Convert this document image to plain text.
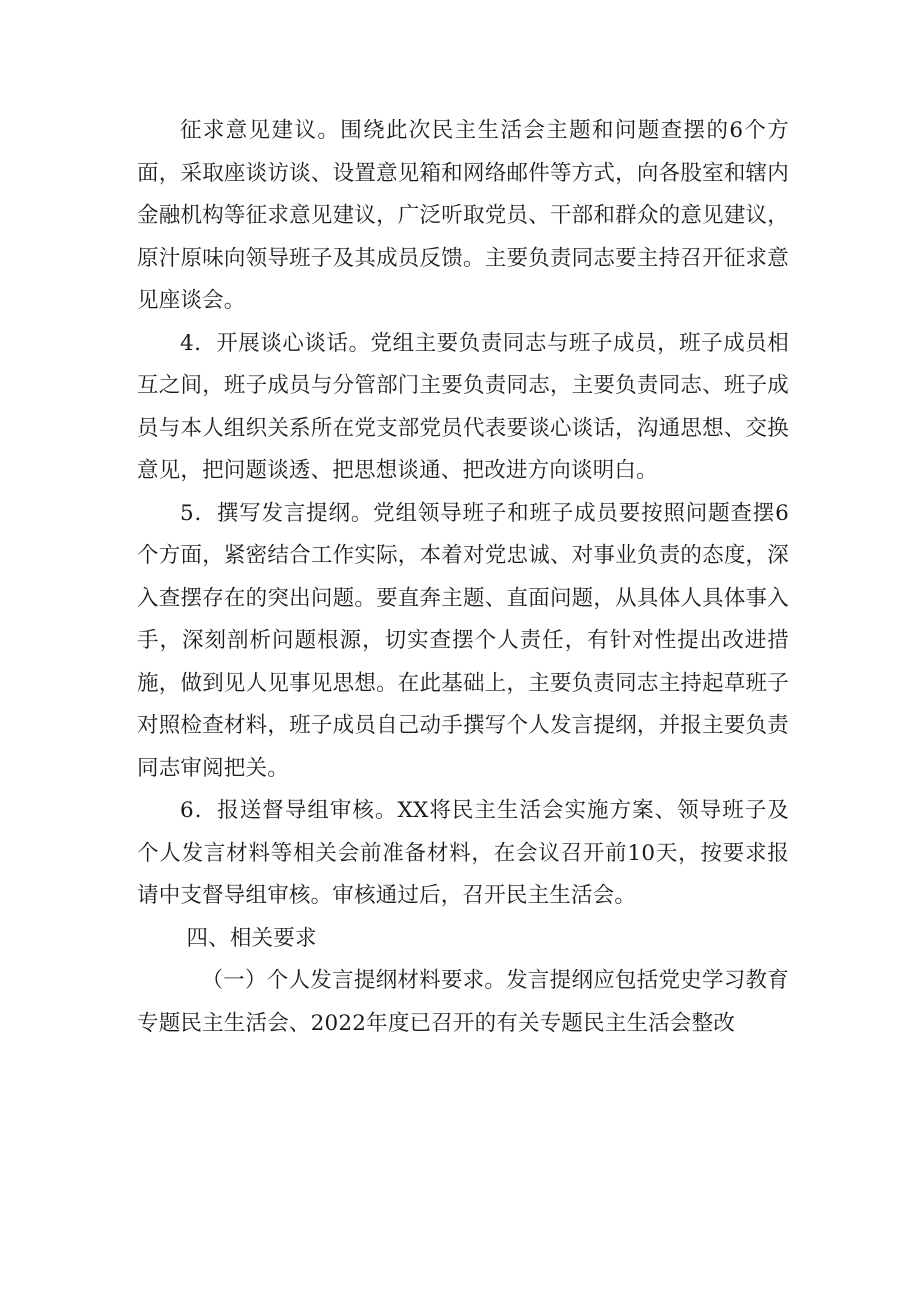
征求意见建议。围绕此次民主生活会主题和问题查摆的6个方面，采取座谈访谈、设置意见箱和网络邮件等方式，向各股室和辖内金融机构等征求意见建议，广泛听取党员、干部和群众的意见建议，原汁原味向领导班子及其成员反馈。主要负责同志要主持召开征求意见座谈会。

4．开展谈心谈话。党组主要负责同志与班子成员，班子成员相互之间，班子成员与分管部门主要负责同志，主要负责同志、班子成员与本人组织关系所在党支部党员代表要谈心谈话，沟通思想、交换意见，把问题谈透、把思想谈通、把改进方向谈明白。

5．撰写发言提纲。党组领导班子和班子成员要按照问题查摆6个方面，紧密结合工作实际，本着对党忠诚、对事业负责的态度，深入查摆存在的突出问题。要直奔主题、直面问题，从具体人具体事入手，深刻剖析问题根源，切实查摆个人责任，有针对性提出改进措施，做到见人见事见思想。在此基础上，主要负责同志主持起草班子对照检查材料，班子成员自己动手撰写个人发言提纲，并报主要负责同志审阅把关。

6．报送督导组审核。XX将民主生活会实施方案、领导班子及个人发言材料等相关会前准备材料，在会议召开前10天，按要求报请中支督导组审核。审核通过后，召开民主生活会。

四、相关要求

（一）个人发言提纲材料要求。发言提纲应包括党史学习教育专题民主生活会、2022年度已召开的有关专题民主生活会整改
